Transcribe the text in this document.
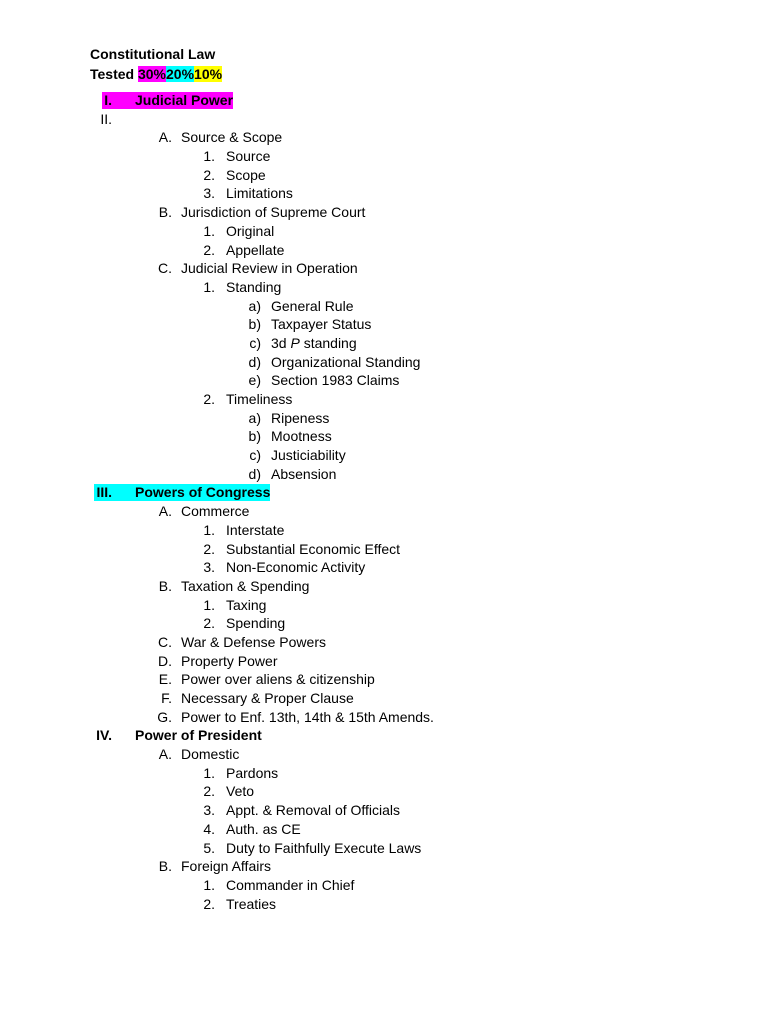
Constitutional Law
Tested 30%20%10%
I. Judicial Power
II.
A. Source & Scope
1. Source
2. Scope
3. Limitations
B. Jurisdiction of Supreme Court
1. Original
2. Appellate
C. Judicial Review in Operation
1. Standing
a) General Rule
b) Taxpayer Status
c) 3d P standing
d) Organizational Standing
e) Section 1983 Claims
2. Timeliness
a) Ripeness
b) Mootness
c) Justiciability
d) Absension
III. Powers of Congress
A. Commerce
1. Interstate
2. Substantial Economic Effect
3. Non-Economic Activity
B. Taxation & Spending
1. Taxing
2. Spending
C. War & Defense Powers
D. Property Power
E. Power over aliens & citizenship
F. Necessary & Proper Clause
G. Power to Enf. 13th, 14th & 15th Amends.
IV. Power of President
A. Domestic
1. Pardons
2. Veto
3. Appt. & Removal of Officials
4. Auth. as CE
5. Duty to Faithfully Execute Laws
B. Foreign Affairs
1. Commander in Chief
2. Treaties
